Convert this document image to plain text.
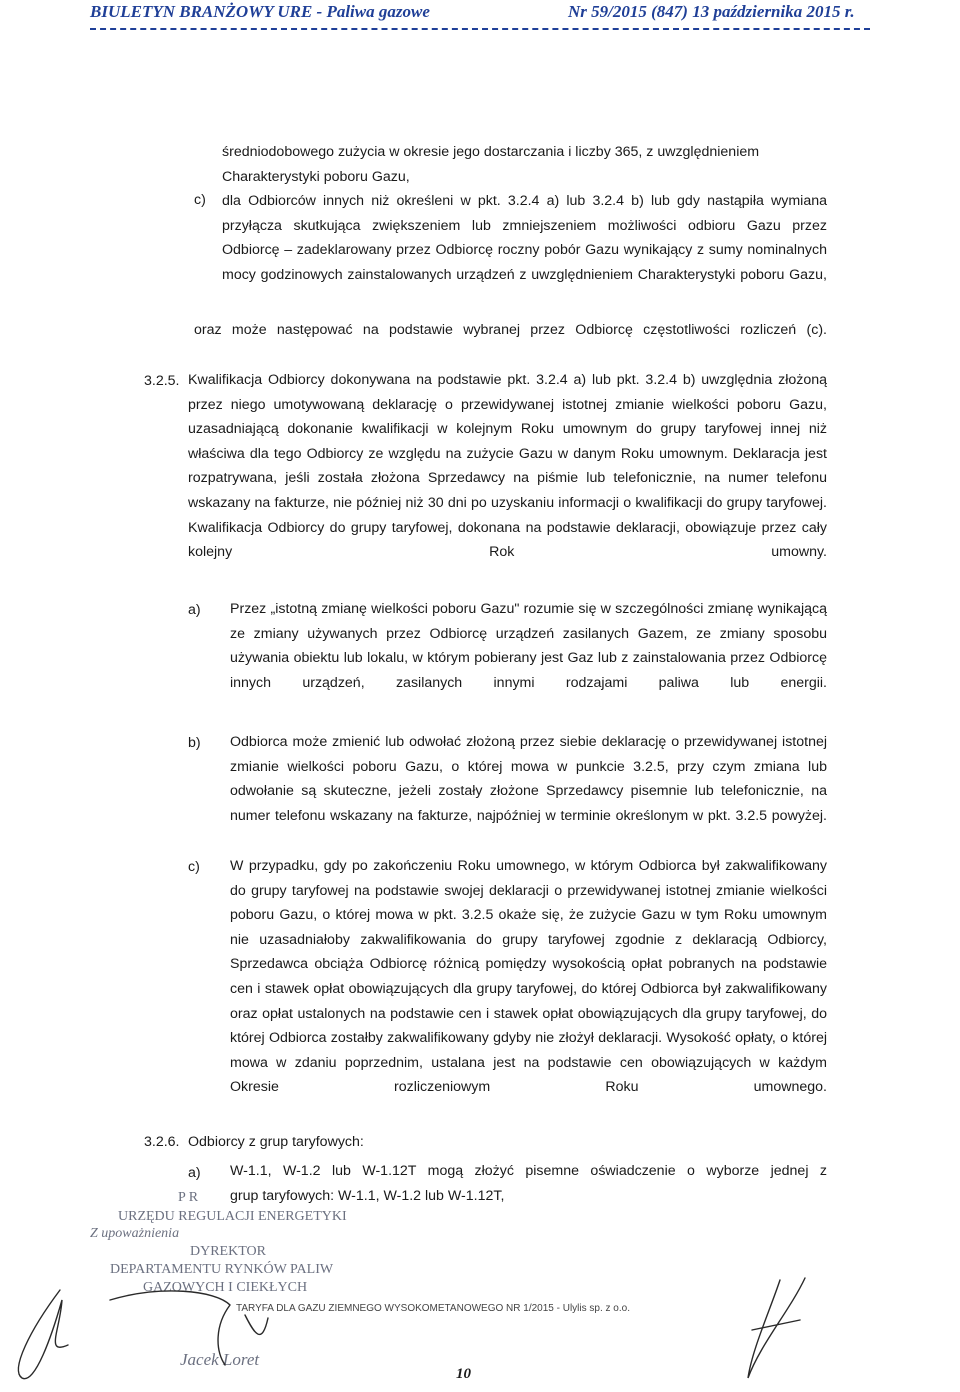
BIULETYN BRANŻOWY URE - Paliwa gazowe	Nr 59/2015 (847) 13 października 2015 r.
średniodobowego zużycia w okresie jego dostarczania i liczby 365, z uwzględnieniem Charakterystyki poboru Gazu,
c) dla Odbiorców innych niż określeni w pkt. 3.2.4 a) lub 3.2.4 b) lub gdy nastąpiła wymiana przyłącza skutkująca zwiększeniem lub zmniejszeniem możliwości odbioru Gazu przez Odbiorcę – zadeklarowany przez Odbiorcę roczny pobór Gazu wynikający z sumy nominalnych mocy godzinowych zainstalowanych urządzeń z uwzględnieniem Charakterystyki poboru Gazu,
oraz może następować na podstawie wybranej przez Odbiorcę częstotliwości rozliczeń (c).
3.2.5. Kwalifikacja Odbiorcy dokonywana na podstawie pkt. 3.2.4 a) lub pkt. 3.2.4 b) uwzględnia złożoną przez niego umotywowaną deklarację o przewidywanej istotnej zmianie wielkości poboru Gazu, uzasadniającą dokonanie kwalifikacji w kolejnym Roku umownym do grupy taryfowej innej niż właściwa dla tego Odbiorcy ze względu na zużycie Gazu w danym Roku umownym. Deklaracja jest rozpatrywana, jeśli została złożona Sprzedawcy na piśmie lub telefonicznie, na numer telefonu wskazany na fakturze, nie później niż 30 dni po uzyskaniu informacji o kwalifikacji do grupy taryfowej. Kwalifikacja Odbiorcy do grupy taryfowej, dokonana na podstawie deklaracji, obowiązuje przez cały kolejny Rok umowny.
a) Przez „istotną zmianę wielkości poboru Gazu" rozumie się w szczególności zmianę wynikającą ze zmiany używanych przez Odbiorcę urządzeń zasilanych Gazem, ze zmiany sposobu używania obiektu lub lokalu, w którym pobierany jest Gaz lub z zainstalowania przez Odbiorcę innych urządzeń, zasilanych innymi rodzajami paliwa lub energii.
b) Odbiorca może zmienić lub odwołać złożoną przez siebie deklarację o przewidywanej istotnej zmianie wielkości poboru Gazu, o której mowa w punkcie 3.2.5, przy czym zmiana lub odwołanie są skuteczne, jeżeli zostały złożone Sprzedawcy pisemnie lub telefonicznie, na numer telefonu wskazany na fakturze, najpóźniej w terminie określonym w pkt. 3.2.5 powyżej.
c) W przypadku, gdy po zakończeniu Roku umownego, w którym Odbiorca był zakwalifikowany do grupy taryfowej na podstawie swojej deklaracji o przewidywanej istotnej zmianie wielkości poboru Gazu, o której mowa w pkt. 3.2.5 okaże się, że zużycie Gazu w tym Roku umownym nie uzasadniałoby zakwalifikowania do grupy taryfowej zgodnie z deklaracją Odbiorcy, Sprzedawca obciąża Odbiorcę różnicą pomiędzy wysokością opłat pobranych na podstawie cen i stawek opłat obowiązujących dla grupy taryfowej, do której Odbiorca był zakwalifikowany oraz opłat ustalonych na podstawie cen i stawek opłat obowiązujących dla grupy taryfowej, do której Odbiorca zostałby zakwalifikowany gdyby nie złożył deklaracji. Wysokość opłaty, o której mowa w zdaniu poprzednim, ustalana jest na podstawie cen obowiązujących w każdym Okresie rozliczeniowym Roku umownego.
3.2.6. Odbiorcy z grup taryfowych:
a) W-1.1, W-1.2 lub W-1.12T mogą złożyć pisemne oświadczenie o wyborze jednej z
grup taryfowych: W-1.1, W-1.2 lub W-1.12T,
P R
URZĘDU REGULACJI ENERGETYKI
Z upoważnienia
DYREKTOR
DEPARTAMENTU RYNKÓW PALIW
GAZOWYCH I CIEKŁYCH
Jacek Loret
TARYFA DLA GAZU ZIEMNEGO WYSOKOMETANOWEGO NR 1/2015 - Ulylis sp. z o.o.
10
